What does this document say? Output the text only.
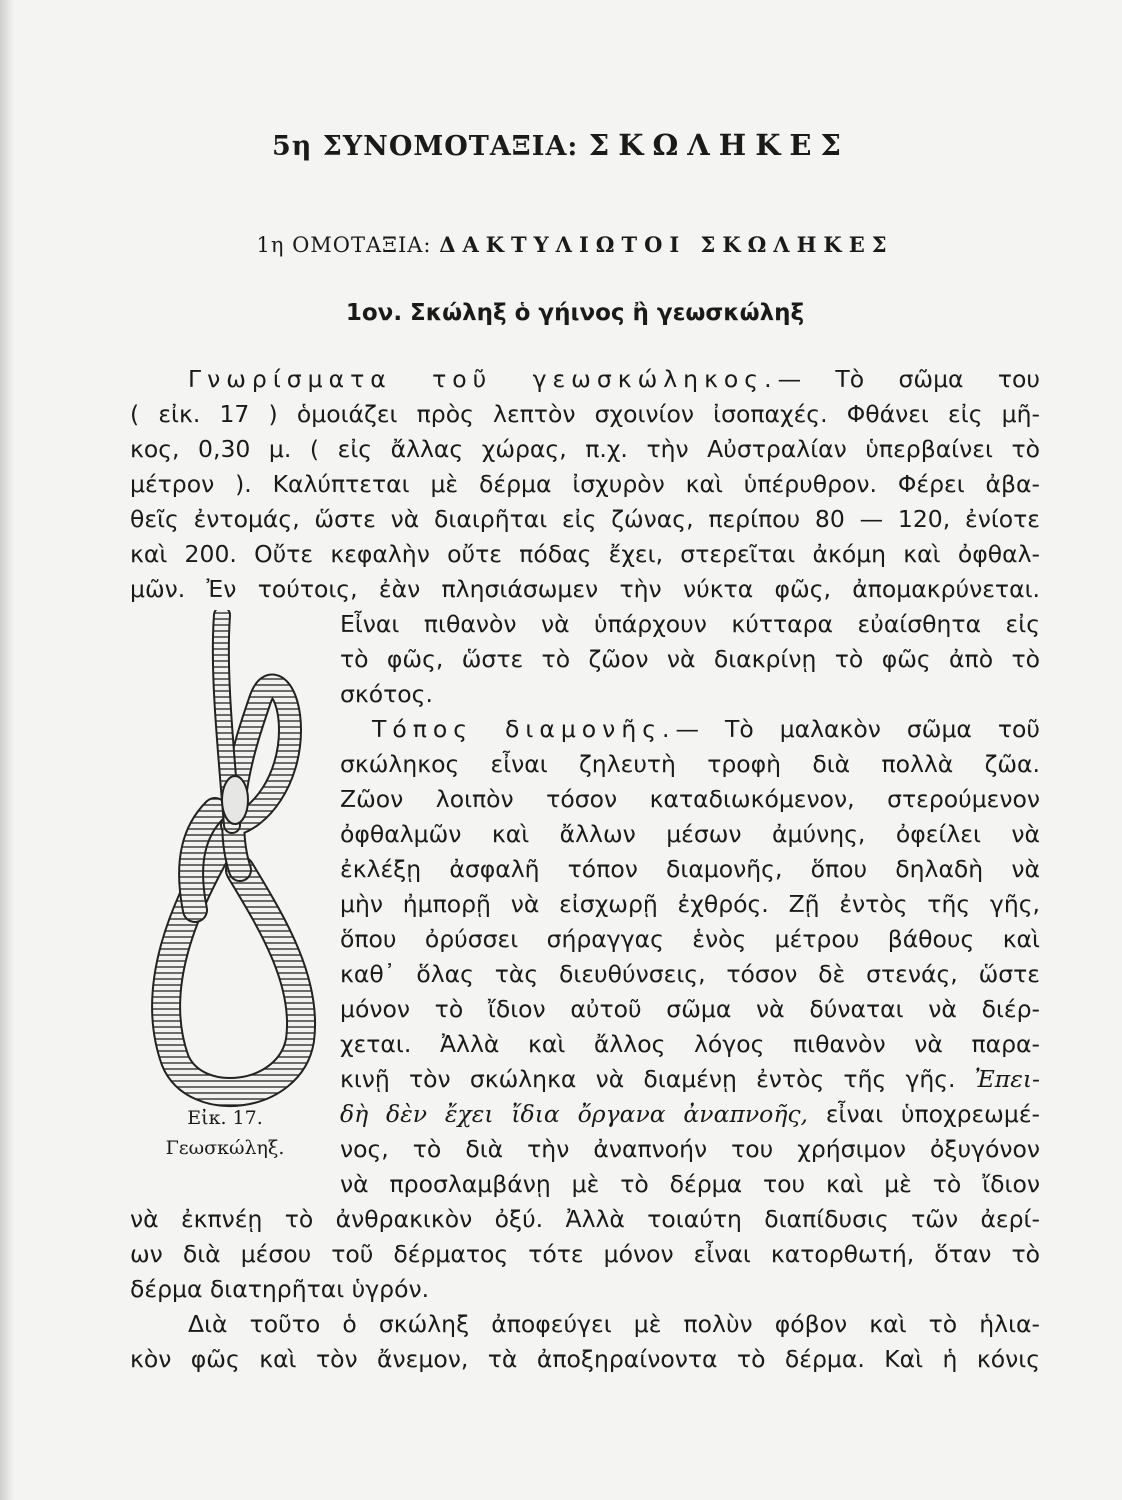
5η ΣΥΝΟΜΟΤΑΞΙΑ: ΣΚΩΛΗΚΕΣ
1η ΟΜΟΤΑΞΙΑ: ΔΑΚΤΥΛΙΩΤΟΙ ΣΚΩΛΗΚΕΣ
1ον. Σκώληξ ὁ γήινος ἢ γεωσκώληξ
Γνωρίσματα τοῦ γεωσκώληκος.— Τὸ σῶμα του
( εἰκ. 17 ) ὁμοιάζει πρὸς λεπτὸν σχοινίον ἰσοπαχές. Φθάνει εἰς μῆ-
κος, 0,30 μ. ( εἰς ἄλλας χώρας, π.χ. τὴν Αὐστραλίαν ὑπερβαίνει τὸ
μέτρον ). Καλύπτεται μὲ δέρμα ἰσχυρὸν καὶ ὑπέρυθρον. Φέρει ἀβα-
θεῖς ἐντομάς, ὥστε νὰ διαιρῆται εἰς ζώνας, περίπου 80 — 120, ἐνίοτε
καὶ 200. Οὔτε κεφαλὴν οὔτε πόδας ἔχει, στερεῖται ἀκόμη καὶ ὀφθαλ-
μῶν. Ἐν τούτοις, ἐὰν πλησιάσωμεν τὴν νύκτα φῶς, ἀπομακρύνεται.
Εἶναι πιθανὸν νὰ ὑπάρχουν κύτταρα εὐαίσθητα εἰς
τὸ φῶς, ὥστε τὸ ζῶον νὰ διακρίνῃ τὸ φῶς ἀπὸ τὸ
σκότος.
Τόπος διαμονῆς.— Τὸ μαλακὸν σῶμα τοῦ
σκώληκος εἶναι ζηλευτὴ τροφὴ διὰ πολλὰ ζῶα.
Ζῶον λοιπὸν τόσον καταδιωκόμενον, στερούμενον
ὀφθαλμῶν καὶ ἄλλων μέσων ἀμύνης, ὀφείλει νὰ
ἐκλέξῃ ἀσφαλῆ τόπον διαμονῆς, ὅπου δηλαδὴ νὰ
μὴν ἠμπορῇ νὰ εἰσχωρῇ ἐχθρός. Ζῇ ἐντὸς τῆς γῆς,
ὅπου ὀρύσσει σήραγγας ἑνὸς μέτρου βάθους καὶ
καθ᾽ ὅλας τὰς διευθύνσεις, τόσον δὲ στενάς, ὥστε
μόνον τὸ ἴδιον αὐτοῦ σῶμα νὰ δύναται νὰ διέρ-
χεται. Ἀλλὰ καὶ ἄλλος λόγος πιθανὸν νὰ παρα-
κινῇ τὸν σκώληκα νὰ διαμένῃ ἐντὸς τῆς γῆς. Ἐπει-
δὴ δὲν ἔχει ἴδια ὄργανα ἀναπνοῆς, εἶναι ὑποχρεωμέ-
νος, τὸ διὰ τὴν ἀναπνοήν του χρήσιμον ὀξυγόνον
νὰ προσλαμβάνῃ μὲ τὸ δέρμα του καὶ μὲ τὸ ἴδιον
νὰ ἐκπνέῃ τὸ ἀνθρακικὸν ὀξύ. Ἀλλὰ τοιαύτη διαπίδυσις τῶν ἀερί-
ων διὰ μέσου τοῦ δέρματος τότε μόνον εἶναι κατορθωτή, ὅταν τὸ
δέρμα διατηρῆται ὑγρόν.
Διὰ τοῦτο ὁ σκώληξ ἀποφεύγει μὲ πολὺν φόβον καὶ τὸ ἡλια-
κὸν φῶς καὶ τὸν ἄνεμον, τὰ ἀποξηραίνοντα τὸ δέρμα. Καὶ ἡ κόνις
Εἰκ. 17.
Γεωσκώληξ.
